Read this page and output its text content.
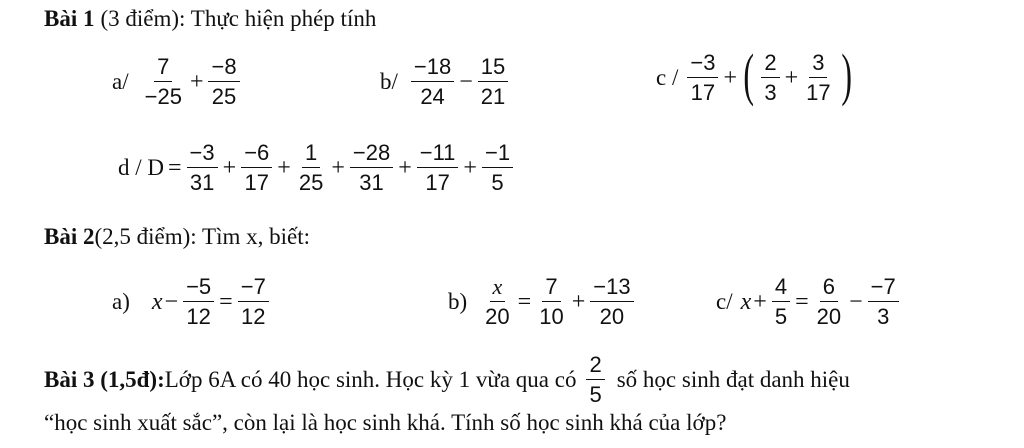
Bài 1 (3 điểm) : Thực hiện phép tính
$a/ \frac{7}{-25} + \frac{-8}{25}$	$b/ \frac{-18}{24} - \frac{15}{21}$	c / $\frac{-3}{17}$ + ( $\frac{2}{3} + \frac{3}{17}$ )
$d / D = \frac{-3}{31} + \frac{-6}{17} + \frac{1}{25} + \frac{-28}{31} + \frac{-11}{17} + \frac{-1}{5}$
Bài 2 (2,5 điểm): Tìm x, biết:
a) $x - \frac{-5}{12} = \frac{-7}{12}$	$b) \frac{x}{20} = \frac{7}{10} + \frac{-13}{20}$	c/ $x + \frac{4}{5} = \frac{6}{20} - \frac{-7}{3}$
Bài 3 (1,5đ): Lớp 6A có 40 học sinh. Học kỳ 1 vừa qua có $\frac{2}{5}$ số học sinh đạt danh hiệu
“học sinh xuất sắc”, còn lại là học sinh khá. Tính số học sinh khá của lớp?
